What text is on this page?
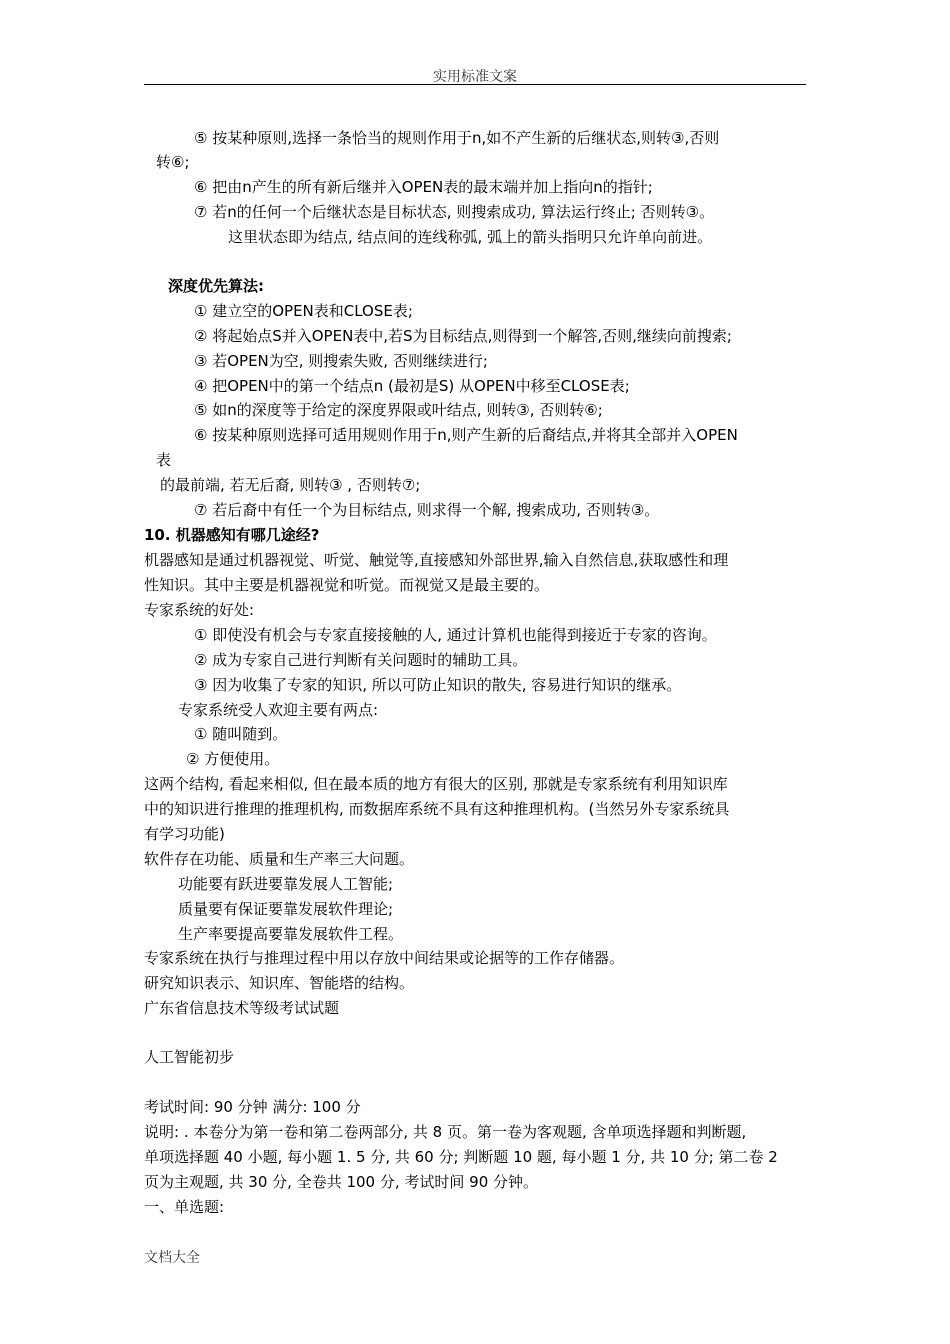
实用标准文案
⑤ 按某种原则,选择一条恰当的规则作用于n,如不产生新的后继状态,则转③,否则
转⑥;
⑥ 把由n产生的所有新后继并入OPEN表的最末端并加上指向n的指针;
⑦ 若n的任何一个后继状态是目标状态, 则搜索成功, 算法运行终止; 否则转③。
这里状态即为结点, 结点间的连线称弧, 弧上的箭头指明只允许单向前进。
深度优先算法:
① 建立空的OPEN表和CLOSE表;
② 将起始点S并入OPEN表中,若S为目标结点,则得到一个解答,否则,继续向前搜索;
③ 若OPEN为空, 则搜索失败, 否则继续进行;
④ 把OPEN中的第一个结点n (最初是S) 从OPEN中移至CLOSE表;
⑤ 如n的深度等于给定的深度界限或叶结点, 则转③, 否则转⑥;
⑥ 按某种原则选择可适用规则作用于n,则产生新的后裔结点,并将其全部并入OPEN
表
的最前端, 若无后裔, 则转③ , 否则转⑦;
⑦ 若后裔中有任一个为目标结点, 则求得一个解, 搜索成功, 否则转③。
10. 机器感知有哪几途经?
机器感知是通过机器视觉、听觉、触觉等,直接感知外部世界,输入自然信息,获取感性和理
性知识。其中主要是机器视觉和听觉。而视觉又是最主要的。
专家系统的好处:
① 即使没有机会与专家直接接触的人, 通过计算机也能得到接近于专家的咨询。
② 成为专家自己进行判断有关问题时的辅助工具。
③ 因为收集了专家的知识, 所以可防止知识的散失, 容易进行知识的继承。
专家系统受人欢迎主要有两点:
① 随叫随到。
② 方便使用。
这两个结构, 看起来相似, 但在最本质的地方有很大的区别, 那就是专家系统有利用知识库
中的知识进行推理的推理机构, 而数据库系统不具有这种推理机构。(当然另外专家系统具
有学习功能)
软件存在功能、质量和生产率三大问题。
功能要有跃进要靠发展人工智能;
质量要有保证要靠发展软件理论;
生产率要提高要靠发展软件工程。
专家系统在执行与推理过程中用以存放中间结果或论据等的工作存储器。
研究知识表示、知识库、智能塔的结构。
广东省信息技术等级考试试题
人工智能初步
考试时间: 90 分钟 满分: 100 分
说明: . 本卷分为第一卷和第二卷两部分, 共 8 页。第一卷为客观题, 含单项选择题和判断题,
单项选择题 40 小题, 每小题 1. 5 分, 共 60 分; 判断题 10 题, 每小题 1 分, 共 10 分; 第二卷 2
页为主观题, 共 30 分, 全卷共 100 分, 考试时间 90 分钟。
一、单选题:
文档大全
